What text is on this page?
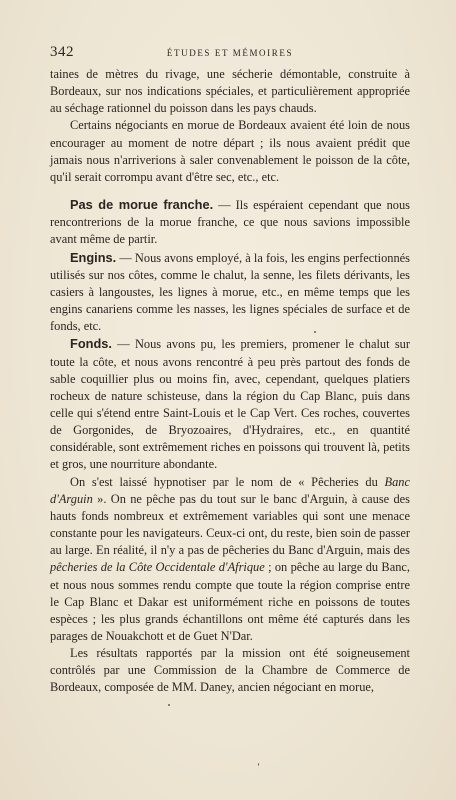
342	ÉTUDES ET MÉMOIRES

taines de mètres du rivage, une sécherie démontable, construite à Bordeaux, sur nos indications spéciales, et particulièrement appropriée au séchage rationnel du poisson dans les pays chauds.

Certains négociants en morue de Bordeaux avaient été loin de nous encourager au moment de notre départ ; ils nous avaient prédit que jamais nous n'arriverions à saler convenablement le poisson de la côte, qu'il serait corrompu avant d'être sec, etc., etc.

Pas de morue franche. — Ils espéraient cependant que nous rencontrerions de la morue franche, ce que nous savions impossible avant même de partir.

Engins. — Nous avons employé, à la fois, les engins perfectionnés utilisés sur nos côtes, comme le chalut, la senne, les filets dérivants, les casiers à langoustes, les lignes à morue, etc., en même temps que les engins canariens comme les nasses, les lignes spéciales de surface et de fonds, etc.

Fonds. — Nous avons pu, les premiers, promener le chalut sur toute la côte, et nous avons rencontré à peu près partout des fonds de sable coquillier plus ou moins fin, avec, cependant, quelques platiers rocheux de nature schisteuse, dans la région du Cap Blanc, puis dans celle qui s'étend entre Saint-Louis et le Cap Vert. Ces roches, couvertes de Gorgonides, de Bryozoaires, d'Hydraires, etc., en quantité considérable, sont extrêmement riches en poissons qui trouvent là, petits et gros, une nourriture abondante.

On s'est laissé hypnotiser par le nom de « Pêcheries du Banc d'Arguin ». On ne pêche pas du tout sur le banc d'Arguin, à cause des hauts fonds nombreux et extrêmement variables qui sont une menace constante pour les navigateurs. Ceux-ci ont, du reste, bien soin de passer au large. En réalité, il n'y a pas de pêcheries du Banc d'Arguin, mais des pêcheries de la Côte Occidentale d'Afrique ; on pêche au large du Banc, et nous nous sommes rendu compte que toute la région comprise entre le Cap Blanc et Dakar est uniformément riche en poissons de toutes espèces ; les plus grands échantillons ont même été capturés dans les parages de Nouakchott et de Guet N'Dar.

Les résultats rapportés par la mission ont été soigneusement contrôlés par une Commission de la Chambre de Commerce de Bordeaux, composée de MM. Daney, ancien négociant en morue,
